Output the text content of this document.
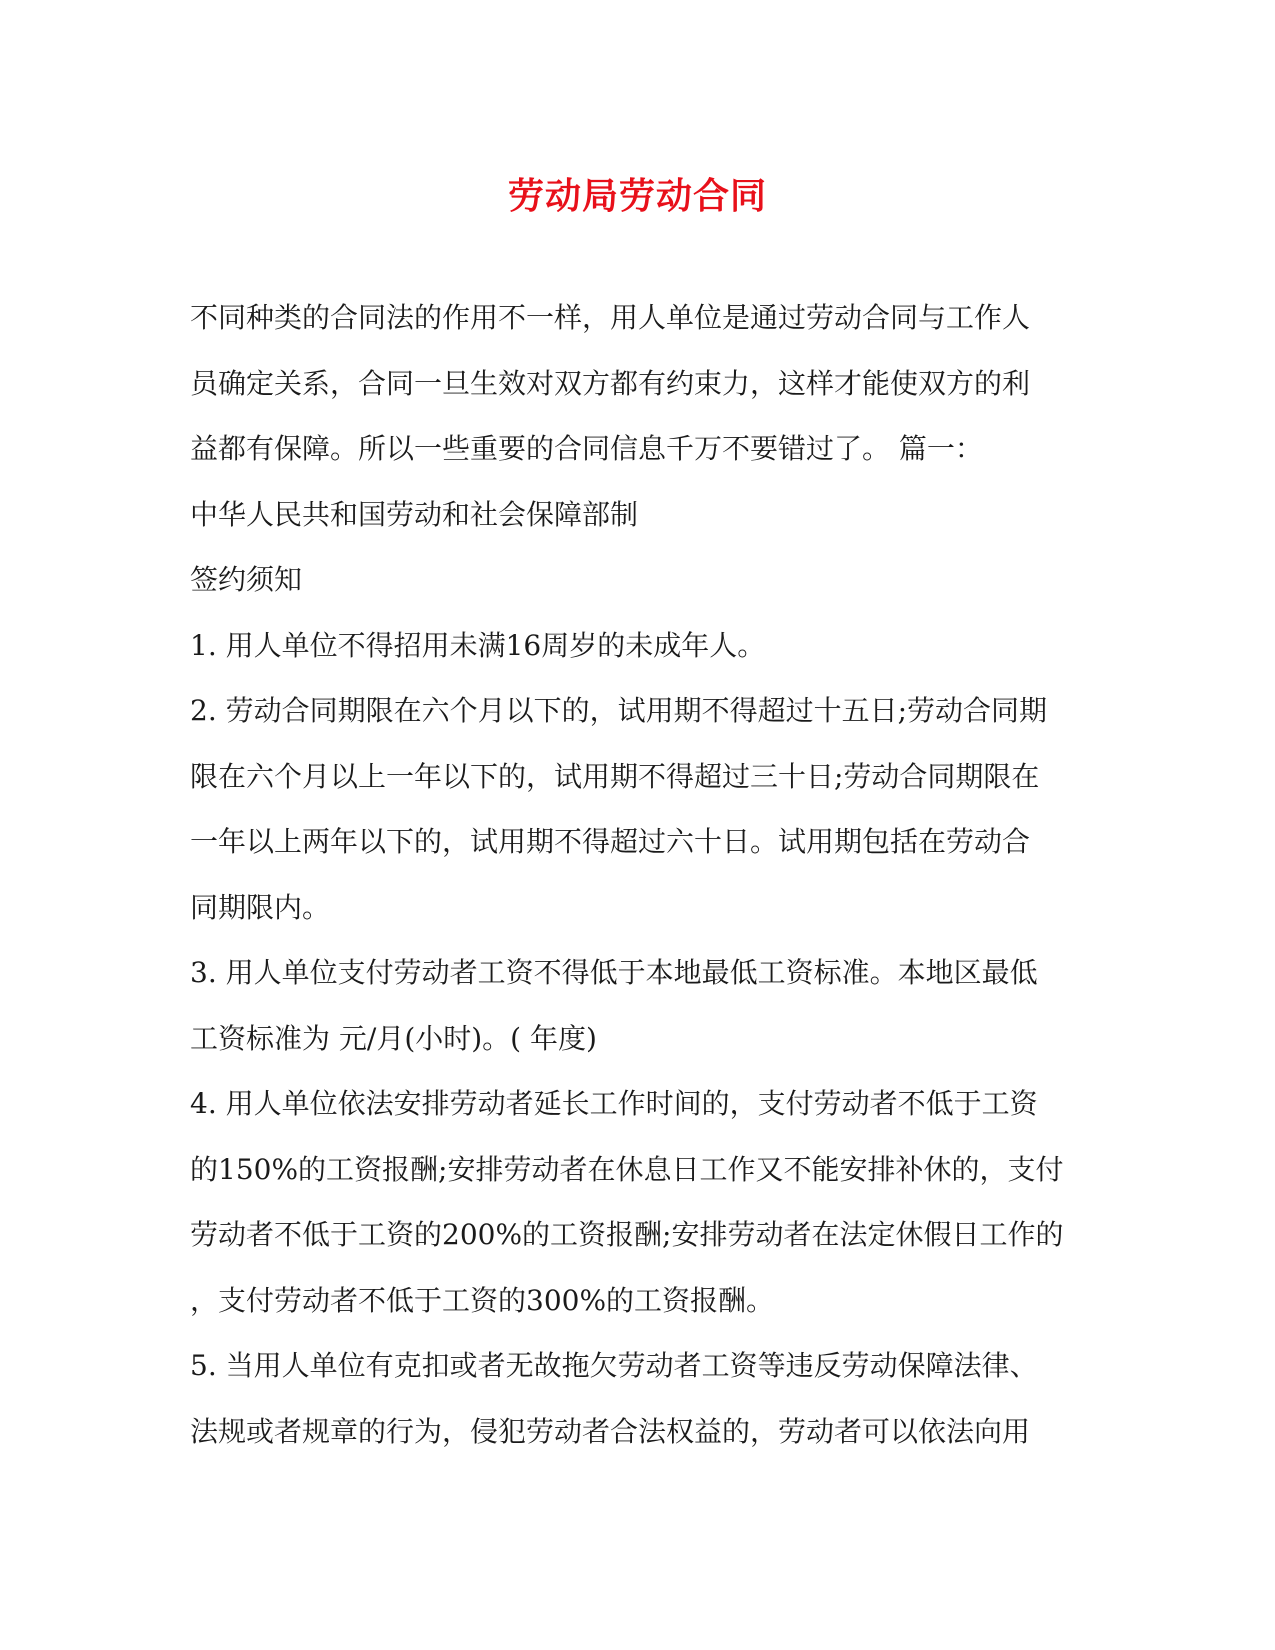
劳动局劳动合同

不同种类的合同法的作用不一样，用人单位是通过劳动合同与工作人

员确定关系，合同一旦生效对双方都有约束力，这样才能使双方的利

益都有保障。所以一些重要的合同信息千万不要错过了。 篇一：

中华人民共和国劳动和社会保障部制

签约须知

1. 用人单位不得招用未满16周岁的未成年人。

2. 劳动合同期限在六个月以下的，试用期不得超过十五日;劳动合同期

限在六个月以上一年以下的，试用期不得超过三十日;劳动合同期限在

一年以上两年以下的，试用期不得超过六十日。试用期包括在劳动合

同期限内。

3. 用人单位支付劳动者工资不得低于本地最低工资标准。本地区最低

工资标准为 元/月(小时)。( 年度)

4. 用人单位依法安排劳动者延长工作时间的，支付劳动者不低于工资

的150%的工资报酬;安排劳动者在休息日工作又不能安排补休的，支付

劳动者不低于工资的200%的工资报酬;安排劳动者在法定休假日工作的

，支付劳动者不低于工资的300%的工资报酬。

5. 当用人单位有克扣或者无故拖欠劳动者工资等违反劳动保障法律、

法规或者规章的行为，侵犯劳动者合法权益的，劳动者可以依法向用
